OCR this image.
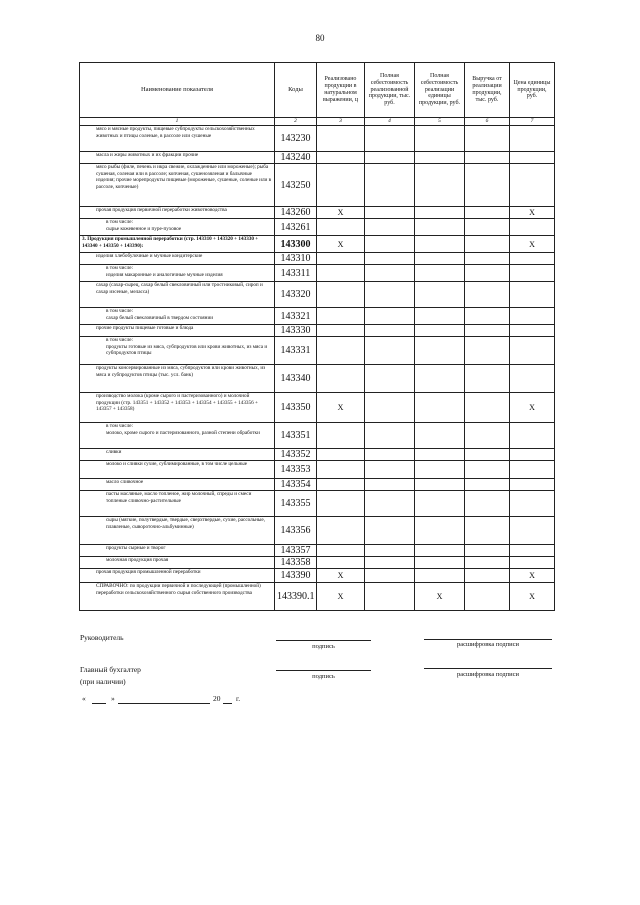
80
Наименование показателя	Коды	Реализовано продукции в натуральном выражении, ц	Полная себестоимость реализованной продукции, тыс. руб.	Полная себестоимость реализации единицы продукции, руб.	Выручка от реализации продукции, тыс. руб.	Цена единицы продукции, руб.
1	2	3	4	5	6	7
мясо и мясные продукты, пищевые субпродукты сельскохозяйственных животных и птицы соленые, в рассоле или сушеные	143230					
масла и жиры животных и их фракции прочие	143240					
мясо рыбы (филе, печень и икра свежие, охлажденные или мороженые); рыба сушеная, соленая или в рассоле; копченая, сушенозяленая и балычные изделия; прочие морепродукты пищевые (мороженые, сушеные, соленые или в рассоле, копченые)	143250					
прочая продукция первичной переработки животноводства	143260	X				X
в том числе:
сырье кожевенное и пуре-пуховое	143261					
3. Продукция промышленной переработки (стр. 143310 + 143320 + 143330 + 143340 + 143350 + 143390):	143300	X				X
изделия хлебобулочные и мучные кондитерские	143310					
в том числе:
изделия макаронные и аналогичные мучные изделия	143311					
сахар (сахар-сырец, сахар белый свекловичный или тростниковый, сироп и сахар изсеные, меласса)	143320					
в том числе:
сахар белый свекловичный в твердом состоянии	143321					
прочие продукты пищевые готовые и блюда	143330					
в том числе:
продукты готовые из мяса, субпродуктов или крови животных, из мяса и субпродуктов птицы	143331					
продукты консервированные из мяса, субпродуктов или крови животных, из мяса и субпродуктов птицы (тыс. усл. банк)	143340					
производство молока (кроме сырого и пастеризованного) и молочной продукции (стр. 143351 + 143352 + 143353 + 143354 + 143355 + 143356 + 143357 + 143358)	143350	X				X
в том числе:
молоко, кроме сырого и пастеризованного, разной степени обработки	143351					
сливки	143352					
молоко и сливки сухие, сублимированные, в том числе цельные	143353					
масло сливочное	143354					
пасты масляные, масло топленое, жир молочный, спреды и смеси топленые сливочно-растительные	143355					
сыры (мягкие, полутвердые, твердые, сверхтвердые, сухие, рассольные, плавленые, сывороточно-альбуминные)	143356					
продукты сырные и творог	143357					
молочная продукция прочая	143358					
прочая продукция промышленной переработки	143390	X				X
СПРАВОЧНО: по продукции первичной и последующей (промышленной) переработки сельскохозяйственного сырья собственного производства	143390.1	X		X		X
Руководитель
подпись	расшифровка подписи
Главный бухгалтер
(при наличии)
подпись	расшифровка подписи
«	»	20 г.
